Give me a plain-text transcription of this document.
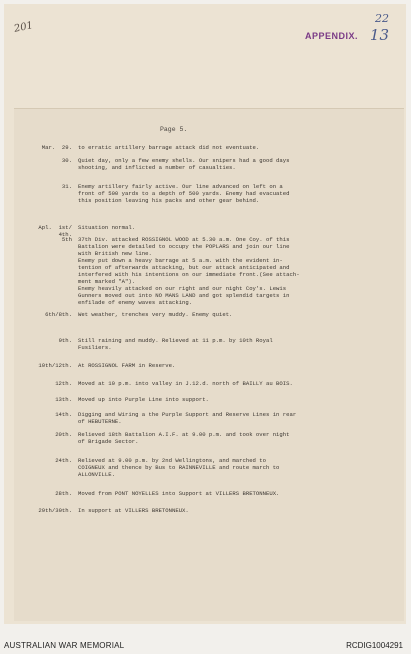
201
22
APPENDIX. 13
Page 5.
Mar.  29. to erratic artillery barrage attack did not eventuate.
30. Quiet day, only a few enemy shells. Our snipers had a good days
shooting, and inflicted a number of casualties.
31. Enemy artillery fairly active. Our line advanced on left on a
front of 500 yards to a depth of 500 yards. Enemy had evacuated
this position leaving his packs and other gear behind.
Apl.  1st/
4th.
Situation normal.
5th 37th Div. attacked ROSSIGNOL WOOD at 5.30 a.m. One Coy. of this
Battalion were detailed to occupy the POPLARS and join our line
with British new line.
Enemy put down a heavy barrage at 5 a.m. with the evident in-
tention of afterwards attacking, but our attack anticipated and
interfered with his intentions on our immediate front.(See attach-
ment marked "A").
Enemy heavily attacked on our right and our night Coy's. Lewis
Gunners moved out into NO MANS LAND and got splendid targets in
enfilade of enemy waves attacking.
6th/8th. Wet weather, trenches very muddy. Enemy quiet.
9th. Still raining and muddy. Relieved at 11 p.m. by 10th Royal
Fusiliers.
10th/12th. At ROSSIGNOL FARM in Reserve.
12th. Moved at 10 p.m. into valley in J.12.d. north of BAILLY au BOIS.
13th. Moved up into Purple Line into support.
14th. Digging and Wiring a the Purple Support and Reserve Lines in rear
of HEBUTERNE.
20th. Relieved 18th Battalion A.I.F. at 9.00 p.m. and took over night
of Brigade Sector.
24th. Relieved at 9.00 p.m. by 2nd Wellingtons, and marched to
COIGNEUX and thence by Bus to RAINNEVILLE and route march to
ALLONVILLE.
28th. Moved from PONT NOYELLES into Support at VILLERS BRETONNEUX.
29th/30th. In support at VILLERS BRETONNEUX.
AUSTRALIAN WAR MEMORIAL	RCDIG1004291
